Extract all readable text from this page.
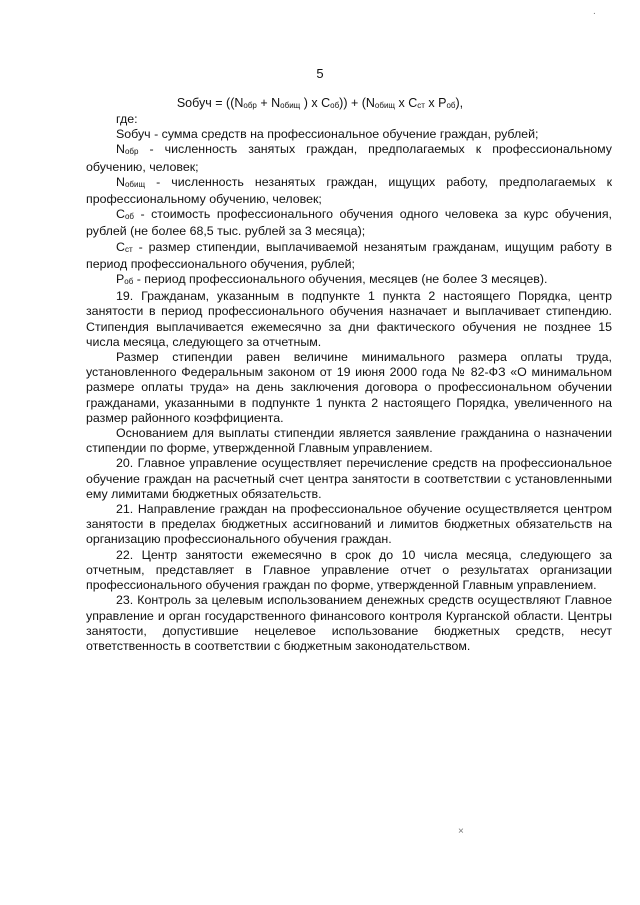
5
Sобуч = (($N_{обр} + N_{обищ}$ ) х $C_{об})) + (N_{обищ}$ х $C_{ст}$ х $P_{об}$),

где:

Sобуч - сумма средств на профессиональное обучение граждан, рублей;

Nобр - численность занятых граждан, предполагаемых к профессиональному обучению, человек;

Nобищ - численность незанятых граждан, ищущих работу, предполагаемых к профессиональному обучению, человек;

Cоб - стоимость профессионального обучения одного человека за курс обучения, рублей (не более 68,5 тыс. рублей за 3 месяца);

Cст - размер стипендии, выплачиваемой незанятым гражданам, ищущим работу в период профессионального обучения, рублей;

Pоб - период профессионального обучения, месяцев (не более 3 месяцев).

19. Гражданам, указанным в подпункте 1 пункта 2 настоящего Порядка, центр занятости в период профессионального обучения назначает и выплачивает стипендию. Стипендия выплачивается ежемесячно за дни фактического обучения не позднее 15 числа месяца, следующего за отчетным.

Размер стипендии равен величине минимального размера оплаты труда, установленного Федеральным законом от 19 июня 2000 года № 82-ФЗ «О минимальном размере оплаты труда» на день заключения договора о профессиональном обучении гражданами, указанными в подпункте 1 пункта 2 настоящего Порядка, увеличенного на размер районного коэффициента.

Основанием для выплаты стипендии является заявление гражданина о назначении стипендии по форме, утвержденной Главным управлением.

20. Главное управление осуществляет перечисление средств на профессиональное обучение граждан на расчетный счет центра занятости в соответствии с установленными ему лимитами бюджетных обязательств.

21. Направление граждан на профессиональное обучение осуществляется центром занятости в пределах бюджетных ассигнований и лимитов бюджетных обязательств на организацию профессионального обучения граждан.

22. Центр занятости ежемесячно в срок до 10 числа месяца, следующего за отчетным, представляет в Главное управление отчет о результатах организации профессионального обучения граждан по форме, утвержденной Главным управлением.

23. Контроль за целевым использованием денежных средств осуществляют Главное управление и орган государственного финансового контроля Курганской области. Центры занятости, допустившие нецелевое использование бюджетных средств, несут ответственность в соответствии с бюджетным законодательством.

.
×
